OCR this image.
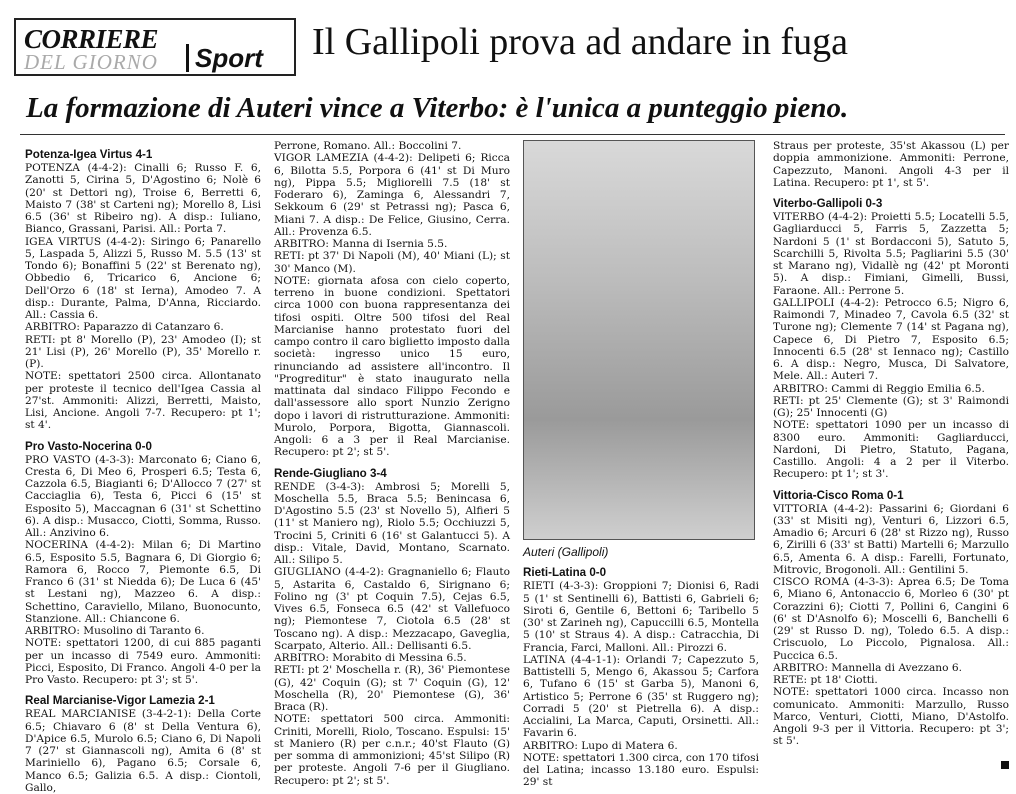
CORRIERE
DEL GIORNO	Sport Il Gallipoli prova ad andare in fuga
La formazione di Auteri vince a Viterbo: è l'unica a punteggio pieno.
Potenza-Igea Virtus 4-1
POTENZA (4-4-2): Cinalli 6; Russo F. 6, Zanotti 5, Cirina 5, D'Agostino 6; Nolè 6 (20' st Dettori ng), Troise 6, Berretti 6, Maisto 7 (38' st Carteni ng); Morello 8, Lisi 6.5 (36' st Ribeiro ng). A disp.: Iuliano, Bianco, Grassani, Parisi. All.: Porta 7.
IGEA VIRTUS (4-4-2): Siringo 6; Panarello 5, Laspada 5, Alizzi 5, Russo M. 5.5 (13' st Tondo 6); Bonaffini 5 (22' st Berenato ng), Obbedio 6, Tricarico 6, Ancione 6; Dell'Orzo 6 (18' st Ierna), Amodeo 7. A disp.: Durante, Palma, D'Anna, Ricciardo. All.: Cassia 6.
ARBITRO: Paparazzo di Catanzaro 6.
RETI: pt 8' Morello (P), 23' Amodeo (I); st 21' Lisi (P), 26' Morello (P), 35' Morello r. (P).
NOTE: spettatori 2500 circa. Allontanato per proteste il tecnico dell'Igea Cassia al 27'st. Ammoniti: Alizzi, Berretti, Maisto, Lisi, Ancione. Angoli 7-7. Recupero: pt 1'; st 4'.
Pro Vasto-Nocerina 0-0
PRO VASTO (4-3-3): Marconato 6; Ciano 6, Cresta 6, Di Meo 6, Prosperi 6.5; Testa 6, Cazzola 6.5, Biagianti 6; D'Allocco 7 (27' st Cacciaglia 6), Testa 6, Picci 6 (15' st Esposito 5), Maccagnan 6 (31' st Schettino 6). A disp.: Musacco, Ciotti, Somma, Russo. All.: Anzivino 6.
NOCERINA (4-4-2): Milan 6; Di Martino 6.5, Esposito 5.5, Bagnara 6, Di Giorgio 6; Ramora 6, Rocco 7, Piemonte 6.5, Di Franco 6 (31' st Niedda 6); De Luca 6 (45' st Lestani ng), Mazzeo 6. A disp.: Schettino, Caraviello, Milano, Buonocunto, Stanzione. All.: Chiancone 6.
ARBITRO: Musolino di Taranto 6.
NOTE: spettatori 1200, di cui 885 paganti per un incasso di 7549 euro. Ammoniti: Picci, Esposito, Di Franco. Angoli 4-0 per la Pro Vasto. Recupero: pt 3'; st 5'.
Real Marcianise-Vigor Lamezia 2-1
REAL MARCIANISE (3-4-2-1): Della Corte 6.5; Chiavaro 6 (8' st Della Ventura 6), D'Apice 6.5, Murolo 6.5; Ciano 6, Di Napoli 7 (27' st Giannascoli ng), Amita 6 (8' st Mariniello 6), Pagano 6.5; Corsale 6, Manco 6.5; Galizia 6.5. A disp.: Ciontoli, Gallo,
Perrone, Romano. All.: Boccolini 7.
VIGOR LAMEZIA (4-4-2): Delipeti 6; Ricca 6, Bilotta 5.5, Porpora 6 (41' st Di Muro ng), Pippa 5.5; Migliorelli 7.5 (18' st Foderaro 6), Zaminga 6, Alessandri 7, Sekkoum 6 (29' st Petrassi ng); Pasca 6, Miani 7. A disp.: De Felice, Giusino, Cerra. All.: Provenza 6.5.
ARBITRO: Manna di Isernia 5.5.
RETI: pt 37' Di Napoli (M), 40' Miani (L); st 30' Manco (M).
NOTE: giornata afosa con cielo coperto, terreno in buone condizioni. Spettatori circa 1000 con buona rappresentanza dei tifosi ospiti. Oltre 500 tifosi del Real Marcianise hanno protestato fuori del campo contro il caro biglietto imposto dalla società: ingresso unico 15 euro, rinunciando ad assistere all'incontro. Il "Progreditur" è stato inaugurato nella mattinata dal sindaco Filippo Fecondo e dall'assessore allo sport Nunzio Zerigno dopo i lavori di ristrutturazione. Ammoniti: Murolo, Porpora, Bigotta, Giannascoli. Angoli: 6 a 3 per il Real Marcianise. Recupero: pt 2'; st 5'.
Rende-Giugliano 3-4
RENDE (3-4-3): Ambrosi 5; Morelli 5, Moschella 5.5, Braca 5.5; Benincasa 6, D'Agostino 5.5 (23' st Novello 5), Alfieri 5 (11' st Maniero ng), Riolo 5.5; Occhiuzzi 5, Trocini 5, Criniti 6 (16' st Galantucci 5). A disp.: Vitale, David, Montano, Scarnato. All.: Silipo 5.
GIUGLIANO (4-4-2): Gragnaniello 6; Flauto 5, Astarita 6, Castaldo 6, Sirignano 6; Folino ng (3' pt Coquin 7.5), Cejas 6.5, Vives 6.5, Fonseca 6.5 (42' st Vallefuoco ng); Piemontese 7, Ciotola 6.5 (28' st Toscano ng). A disp.: Mezzacapo, Gaveglia, Scarpato, Alterio. All.: Dellisanti 6.5.
ARBITRO: Morabito di Messina 6.5.
RETI: pt 2' Moschella r. (R), 36' Piemontese (G), 42' Coquin (G); st 7' Coquin (G), 12' Moschella (R), 20' Piemontese (G), 36' Braca (R).
NOTE: spettatori 500 circa. Ammoniti: Criniti, Morelli, Riolo, Toscano. Espulsi: 15' st Maniero (R) per c.n.r.; 40'st Flauto (G) per somma di ammonizioni; 45'st Silipo (R) per proteste. Angoli 7-6 per il Giugliano. Recupero: pt 2'; st 5'.
Auteri (Gallipoli)
Rieti-Latina 0-0
RIETI (4-3-3): Groppioni 7; Dionisi 6, Radi 5 (1' st Sentinelli 6), Battisti 6, Gabrieli 6; Siroti 6, Gentile 6, Bettoni 6; Taribello 5 (30' st Zarineh ng), Capuccilli 6.5, Montella 5 (10' st Straus 4). A disp.: Catracchia, Di Francia, Farci, Malloni. All.: Pirozzi 6.
LATINA (4-4-1-1): Orlandi 7; Capezzuto 5, Battistelli 5, Mengo 6, Akassou 5; Carfora 6, Tufano 6 (15' st Garba 5), Manoni 6, Artistico 5; Perrone 6 (35' st Ruggero ng); Corradi 5 (20' st Pietrella 6). A disp.: Accialini, La Marca, Caputi, Orsinetti. All.: Favarin 6.
ARBITRO: Lupo di Matera 6.
NOTE: spettatori 1.300 circa, con 170 tifosi del Latina; incasso 13.180 euro. Espulsi: 29' st
Straus per proteste, 35'st Akassou (L) per doppia ammonizione. Ammoniti: Perrone, Capezzuto, Manoni. Angoli 4-3 per il Latina. Recupero: pt 1', st 5'.
Viterbo-Gallipoli 0-3
VITERBO (4-4-2): Proietti 5.5; Locatelli 5.5, Gagliarducci 5, Farris 5, Zazzetta 5; Nardoni 5 (1' st Bordacconi 5), Satuto 5, Scarchilli 5, Rivolta 5.5; Pagliarini 5.5 (30' st Marano ng), Vidallè ng (42' pt Moronti 5). A disp.: Fimiani, Gimelli, Bussi, Faraone. All.: Perrone 5.
GALLIPOLI (4-4-2): Petrocco 6.5; Nigro 6, Raimondi 7, Minadeo 7, Cavola 6.5 (32' st Turone ng); Clemente 7 (14' st Pagana ng), Capece 6, Di Pietro 7, Esposito 6.5; Innocenti 6.5 (28' st Iennaco ng); Castillo 6. A disp.: Negro, Musca, Di Salvatore, Mele. All.: Auteri 7.
ARBITRO: Cammi di Reggio Emilia 6.5.
RETI: pt 25' Clemente (G); st 3' Raimondi (G); 25' Innocenti (G)
NOTE: spettatori 1090 per un incasso di 8300 euro. Ammoniti: Gagliarducci, Nardoni, Di Pietro, Statuto, Pagana, Castillo. Angoli: 4 a 2 per il Viterbo. Recupero: pt 1'; st 3'.
Vittoria-Cisco Roma 0-1
VITTORIA (4-4-2): Passarini 6; Giordani 6 (33' st Misiti ng), Venturi 6, Lizzori 6.5, Amadio 6; Arcuri 6 (28' st Rizzo ng), Russo 6, Zirilli 6 (33' st Batti) Martelli 6; Marzullo 6.5, Amenta 6. A disp.: Farelli, Fortunato, Mitrovic, Brogonoli. All.: Gentilini 5.
CISCO ROMA (4-3-3): Aprea 6.5; De Toma 6, Miano 6, Antonaccio 6, Morleo 6 (30' pt Corazzini 6); Ciotti 7, Pollini 6, Cangini 6 (6' st D'Asnolfo 6); Moscelli 6, Banchelli 6 (29' st Russo D. ng), Toledo 6.5. A disp.: Criscuolo, Lo Piccolo, Pignalosa. All.: Puccica 6.5.
ARBITRO: Mannella di Avezzano 6.
RETE: pt 18' Ciotti.
NOTE: spettatori 1000 circa. Incasso non comunicato. Ammoniti: Marzullo, Russo Marco, Venturi, Ciotti, Miano, D'Astolfo. Angoli 9-3 per il Vittoria. Recupero: pt 3'; st 5'.
